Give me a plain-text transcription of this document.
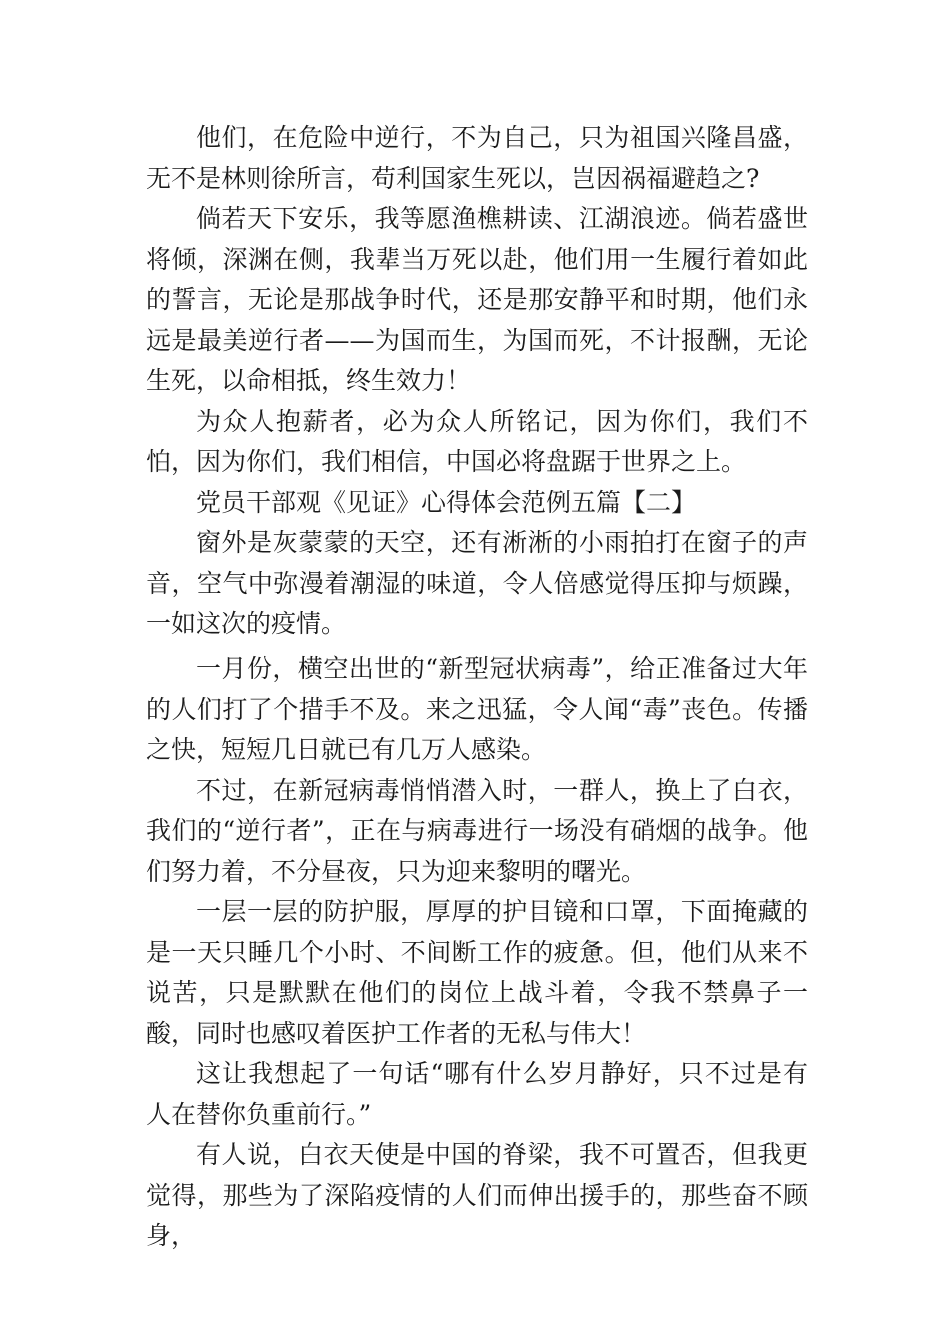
他们，在危险中逆行，不为自己，只为祖国兴隆昌盛，无不是林则徐所言，苟利国家生死以，岂因祸福避趋之?

倘若天下安乐，我等愿渔樵耕读、江湖浪迹。倘若盛世将倾，深渊在侧，我辈当万死以赴，他们用一生履行着如此的誓言，无论是那战争时代，还是那安静平和时期，他们永远是最美逆行者——为国而生，为国而死，不计报酬，无论生死，以命相抵，终生效力！

为众人抱薪者，必为众人所铭记，因为你们，我们不怕，因为你们，我们相信，中国必将盘踞于世界之上。

党员干部观《见证》心得体会范例五篇【二】

窗外是灰蒙蒙的天空，还有淅淅的小雨拍打在窗子的声音，空气中弥漫着潮湿的味道，令人倍感觉得压抑与烦躁，一如这次的疫情。

一月份，横空出世的“新型冠状病毒”，给正准备过大年的人们打了个措手不及。来之迅猛，令人闻“毒”丧色。传播之快，短短几日就已有几万人感染。

不过，在新冠病毒悄悄潜入时，一群人，换上了白衣，我们的“逆行者”，正在与病毒进行一场没有硝烟的战争。他们努力着，不分昼夜，只为迎来黎明的曙光。

一层一层的防护服，厚厚的护目镜和口罩，下面掩藏的是一天只睡几个小时、不间断工作的疲惫。但，他们从来不说苦，只是默默在他们的岗位上战斗着，令我不禁鼻子一酸，同时也感叹着医护工作者的无私与伟大！

这让我想起了一句话“哪有什么岁月静好，只不过是有人在替你负重前行。”

有人说，白衣天使是中国的脊梁，我不可置否，但我更觉得，那些为了深陷疫情的人们而伸出援手的，那些奋不顾身，
